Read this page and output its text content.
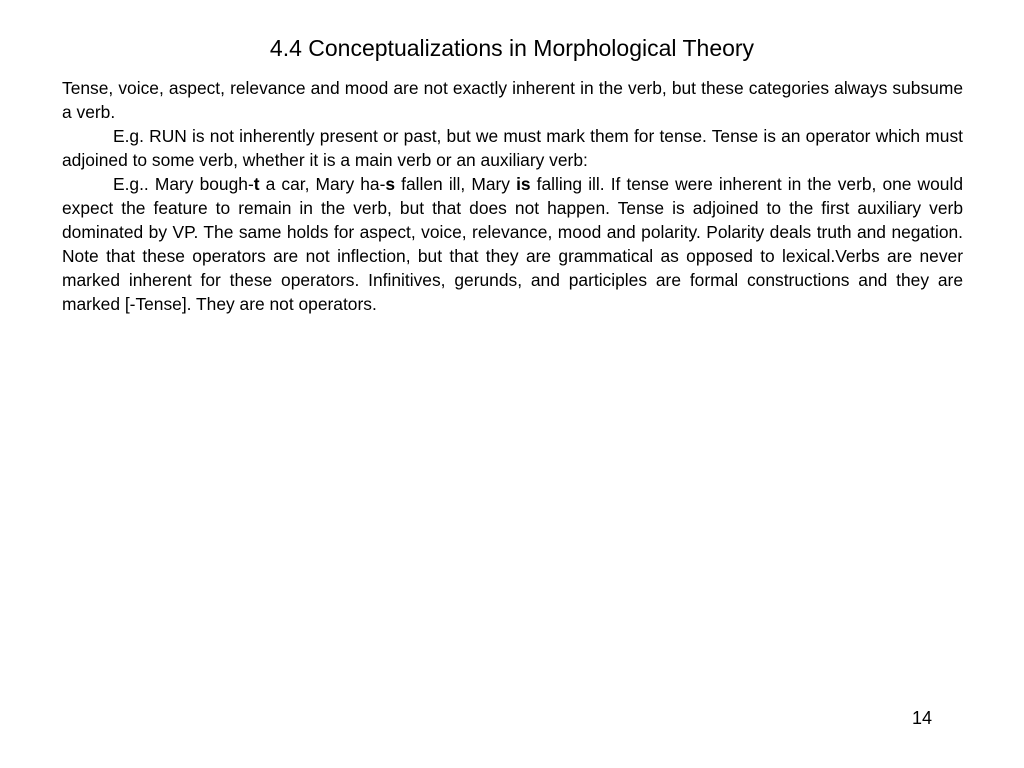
4.4 Conceptualizations in Morphological Theory

Tense, voice, aspect, relevance and mood are not exactly inherent in the verb, but these categories always subsume a verb.

E.g. RUN is not inherently present or past, but we must mark them for tense. Tense is an operator which must adjoined to some verb, whether it is a main verb or an auxiliary verb:

E.g.. Mary bough-t a car, Mary ha-s fallen ill, Mary is falling ill. If tense were inherent in the verb, one would expect the feature to remain in the verb, but that does not happen. Tense is adjoined to the first auxiliary verb dominated by VP. The same holds for aspect, voice, relevance, mood and polarity. Polarity deals truth and negation. Note that these operators are not inflection, but that they are grammatical as opposed to lexical.Verbs are never marked inherent for these operators. Infinitives, gerunds, and participles are formal constructions and they are marked [-Tense]. They are not operators.

14
